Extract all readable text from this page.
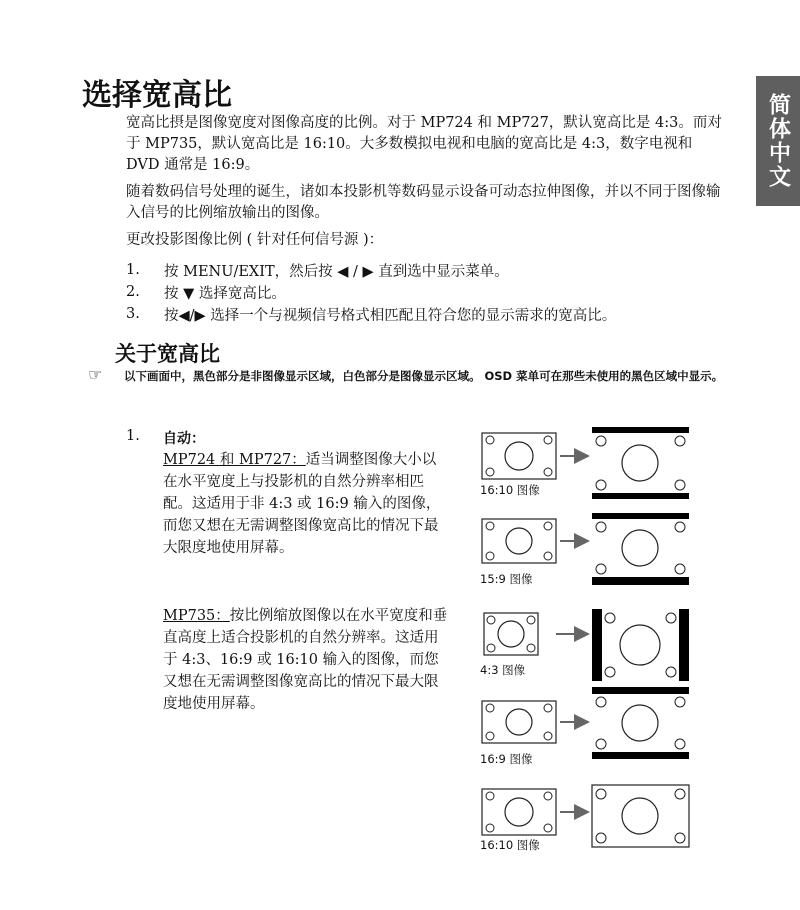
简体中文
选择宽高比

宽高比摂是图像宽度对图像高度的比例。对于 MP724 和 MP727，默认宽高比是 4:3。而对于 MP735，默认宽高比是 16:10。大多数模拟电视和电脑的宽高比是 4:3，数字电视和 DVD 通常是 16:9。

随着数码信号处理的诞生，诸如本投影机等数码显示设备可动态拉伸图像，并以不同于图像输入信号的比例缩放输出的图像。

更改投影图像比例 ( 针对任何信号源 )：

1.	按 MENU/EXIT，然后按 ◀ / ▶ 直到选中显示菜单。
2.	按 ▼ 选择宽高比。
3.	按◀/▶ 选择一个与视频信号格式相匹配且符合您的显示需求的宽高比。
关于宽高比
☞	以下画面中，黑色部分是非图像显示区域，白色部分是图像显示区域。 OSD 菜单可在那些未使用的黑色区域中显示。
1. 自动：

MP724 和 MP727：适当调整图像大小以在水平宽度上与投影机的自然分辨率相匹配。这适用于非 4:3 或 16:9 输入的图像，而您又想在无需调整图像宽高比的情况下最大限度地使用屏幕。

MP735：按比例缩放图像以在水平宽度和垂直高度上适合投影机的自然分辨率。这适用于 4:3、16:9 或 16:10 输入的图像，而您又想在无需调整图像宽高比的情况下最大限度地使用屏幕。

16:10 图像
15:9 图像
4:3 图像
16:9 图像
16:10 图像
